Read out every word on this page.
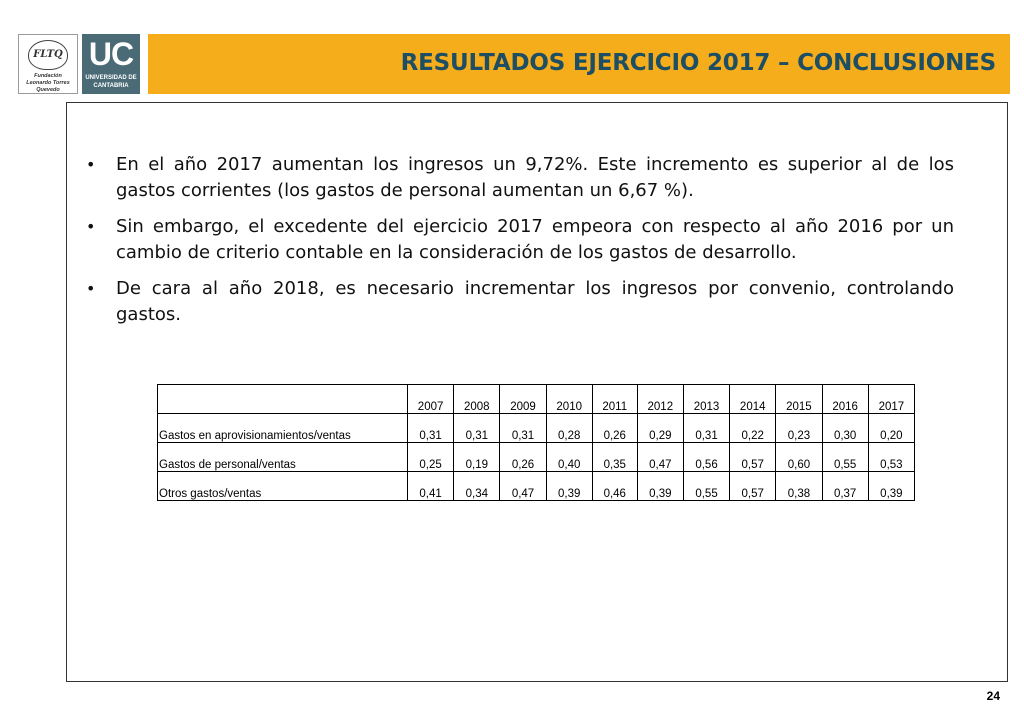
FLTQ
Fundación Leonardo Torres Quevedo
UC
UNIVERSIDAD DE CANTABRIA
RESULTADOS EJERCICIO 2017 – CONCLUSIONES
• En el año 2017 aumentan los ingresos un 9,72%. Este incremento es superior al de los gastos corrientes (los gastos de personal aumentan un 6,67 %).
• Sin embargo, el excedente del ejercicio 2017 empeora con respecto al año 2016 por un cambio de criterio contable en la consideración de los gastos de desarrollo.
• De cara al año 2018, es necesario incrementar los ingresos por convenio, controlando gastos.
	2007	2008	2009	2010	2011	2012	2013	2014	2015	2016	2017
Gastos en aprovisionamientos/ventas	0,31	0,31	0,31	0,28	0,26	0,29	0,31	0,22	0,23	0,30	0,20
Gastos de personal/ventas	0,25	0,19	0,26	0,40	0,35	0,47	0,56	0,57	0,60	0,55	0,53
Otros gastos/ventas	0,41	0,34	0,47	0,39	0,46	0,39	0,55	0,57	0,38	0,37	0,39
24
